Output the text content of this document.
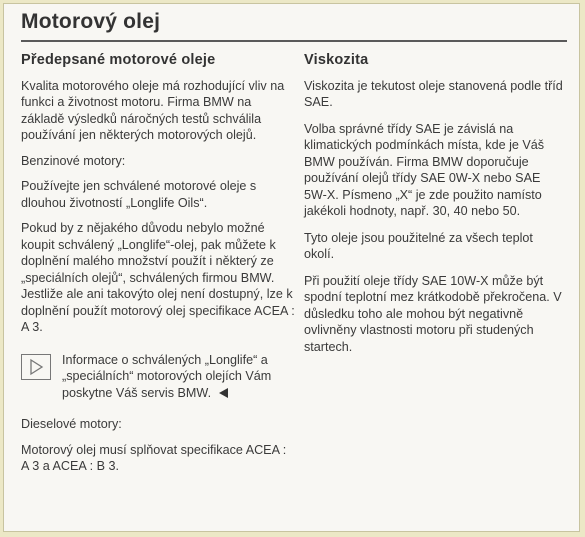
Motorový olej
Předepsané motorové oleje

Kvalita motorového oleje má rozhodující vliv na funkci a životnost motoru. Firma BMW na základě výsledků náročných testů schválila používání jen některých motorových olejů.

Benzinové motory:

Používejte jen schválené motorové oleje s dlouhou životností „Longlife Oils“.

Pokud by z nějakého důvodu nebylo možné koupit schválený „Longlife“-olej, pak můžete k doplnění malého množství použít i některý ze „speciálních olejů“, schválených firmou BMW. Jestliže ale ani takovýto olej není dostupný, lze k doplnění použít motorový olej specifikace ACEA : A 3.

Informace o schválených „Longlife“ a „speciálních“ motorových olejích Vám poskytne Váš servis BMW.

Dieselové motory:

Motorový olej musí splňovat specifikace ACEA : A 3 a ACEA : B 3.

Viskozita

Viskozita je tekutost oleje stanovená podle tříd SAE.

Volba správné třídy SAE je závislá na klimatických podmínkách místa, kde je Váš BMW používán. Firma BMW doporučuje používání olejů třídy SAE 0W-X nebo SAE 5W-X. Písmeno „X“ je zde použito namísto jakékoli hodnoty, např. 30, 40 nebo 50.

Tyto oleje jsou použitelné za všech teplot okolí.

Při použití oleje třídy SAE 10W-X může být spodní teplotní mez krátkodobě překročena. V důsledku toho ale mohou být negativně ovlivněny vlastnosti motoru při studených startech.
